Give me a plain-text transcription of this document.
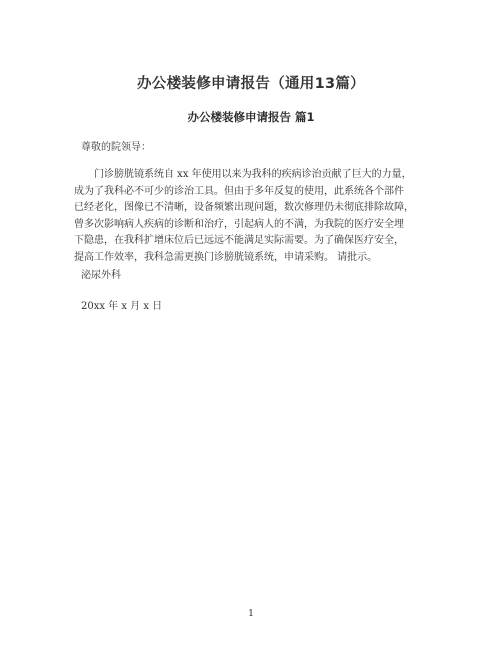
办公楼装修申请报告（通用13篇）
办公楼装修申请报告 篇1

尊敬的院领导：

门诊膀胱镜系统自 xx 年使用以来为我科的疾病诊治贡献了巨大的力量，
成为了我科必不可少的诊治工具。但由于多年反复的使用，此系统各个部件
已经老化，图像已不清晰，设备频繁出现问题，数次修理仍未彻底排除故障，
曾多次影响病人疾病的诊断和治疗，引起病人的不满，为我院的医疗安全埋
下隐患，在我科扩增床位后已远远不能满足实际需要。为了确保医疗安全，
提高工作效率，我科急需更换门诊膀胱镜系统，申请采购。 请批示。

泌尿外科

20xx 年 x 月 x 日

1
